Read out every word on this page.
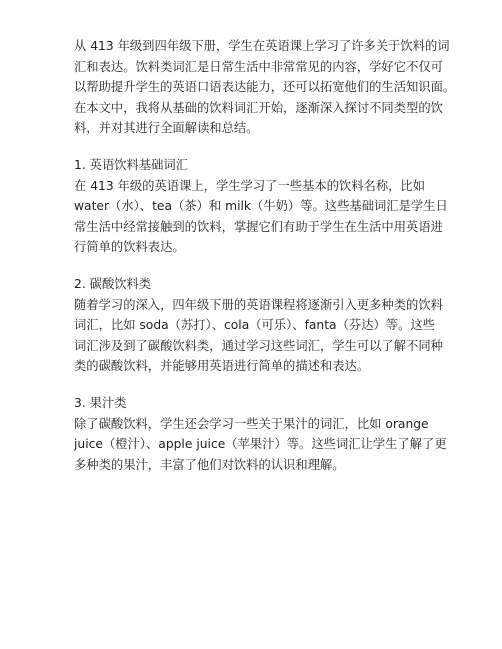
从 413 年级到四年级下册，学生在英语课上学习了许多关于饮料的词
汇和表达。饮料类词汇是日常生活中非常常见的内容，学好它不仅可
以帮助提升学生的英语口语表达能力，还可以拓宽他们的生活知识面。
在本文中，我将从基础的饮料词汇开始，逐渐深入探讨不同类型的饮
料，并对其进行全面解读和总结。
1. 英语饮料基础词汇
在 413 年级的英语课上，学生学习了一些基本的饮料名称，比如
water（水）、tea（茶）和 milk（牛奶）等。这些基础词汇是学生日
常生活中经常接触到的饮料，掌握它们有助于学生在生活中用英语进
行简单的饮料表达。
2. 碳酸饮料类
随着学习的深入，四年级下册的英语课程将逐渐引入更多种类的饮料
词汇，比如 soda（苏打）、cola（可乐）、fanta（芬达）等。这些
词汇涉及到了碳酸饮料类，通过学习这些词汇，学生可以了解不同种
类的碳酸饮料，并能够用英语进行简单的描述和表达。
3. 果汁类
除了碳酸饮料，学生还会学习一些关于果汁的词汇，比如 orange
juice（橙汁）、apple juice（苹果汁）等。这些词汇让学生了解了更
多种类的果汁，丰富了他们对饮料的认识和理解。
